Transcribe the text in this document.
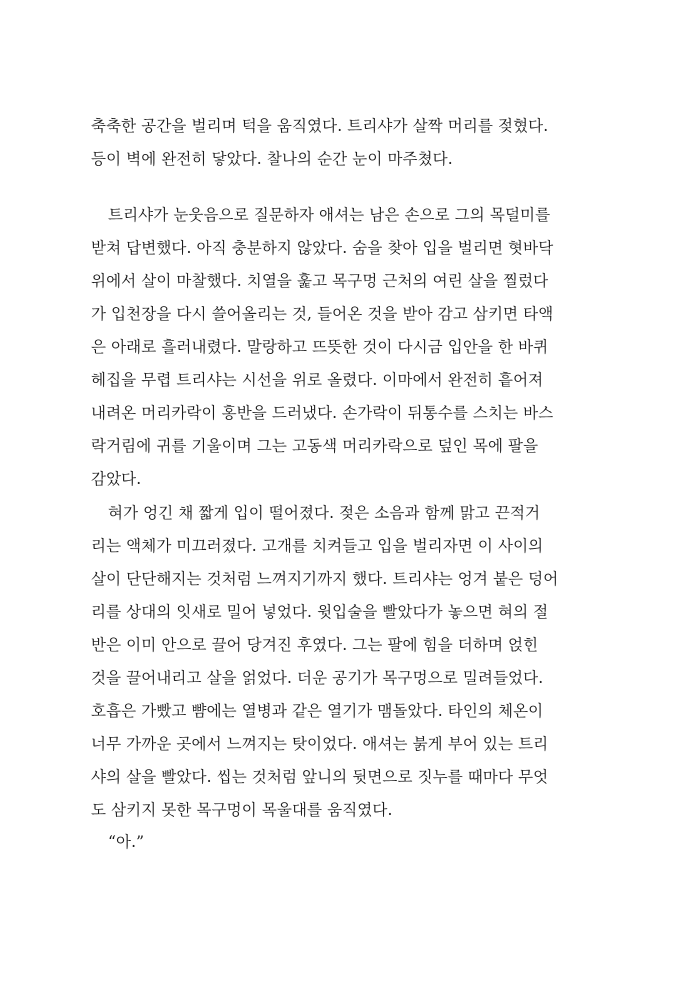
축축한 공간을 벌리며 턱을 움직였다. 트리샤가 살짝 머리를 젖혔다.
등이 벽에 완전히 닿았다. 찰나의 순간 눈이 마주쳤다.
트리샤가 눈웃음으로 질문하자 애셔는 남은 손으로 그의 목덜미를
받쳐 답변했다. 아직 충분하지 않았다. 숨을 찾아 입을 벌리면 혓바닥
위에서 살이 마찰했다. 치열을 훑고 목구멍 근처의 여린 살을 찔렀다
가 입천장을 다시 쓸어올리는 것, 들어온 것을 받아 감고 삼키면 타액
은 아래로 흘러내렸다. 말랑하고 뜨뜻한 것이 다시금 입안을 한 바퀴
헤집을 무렵 트리샤는 시선을 위로 올렸다. 이마에서 완전히 흩어져
내려온 머리카락이 홍반을 드러냈다. 손가락이 뒤통수를 스치는 바스
락거림에 귀를 기울이며 그는 고동색 머리카락으로 덮인 목에 팔을
감았다.
혀가 엉긴 채 짧게 입이 떨어졌다. 젖은 소음과 함께 맑고 끈적거
리는 액체가 미끄러졌다. 고개를 치켜들고 입을 벌리자면 이 사이의
살이 단단해지는 것처럼 느껴지기까지 했다. 트리샤는 엉겨 붙은 덩어
리를 상대의 잇새로 밀어 넣었다. 윗입술을 빨았다가 놓으면 혀의 절
반은 이미 안으로 끌어 당겨진 후였다. 그는 팔에 힘을 더하며 얹힌
것을 끌어내리고 살을 얽었다. 더운 공기가 목구멍으로 밀려들었다.
호흡은 가빴고 뺨에는 열병과 같은 열기가 맴돌았다. 타인의 체온이
너무 가까운 곳에서 느껴지는 탓이었다. 애셔는 붉게 부어 있는 트리
샤의 살을 빨았다. 씹는 것처럼 앞니의 뒷면으로 짓누를 때마다 무엇
도 삼키지 못한 목구멍이 목울대를 움직였다.
“아.”
